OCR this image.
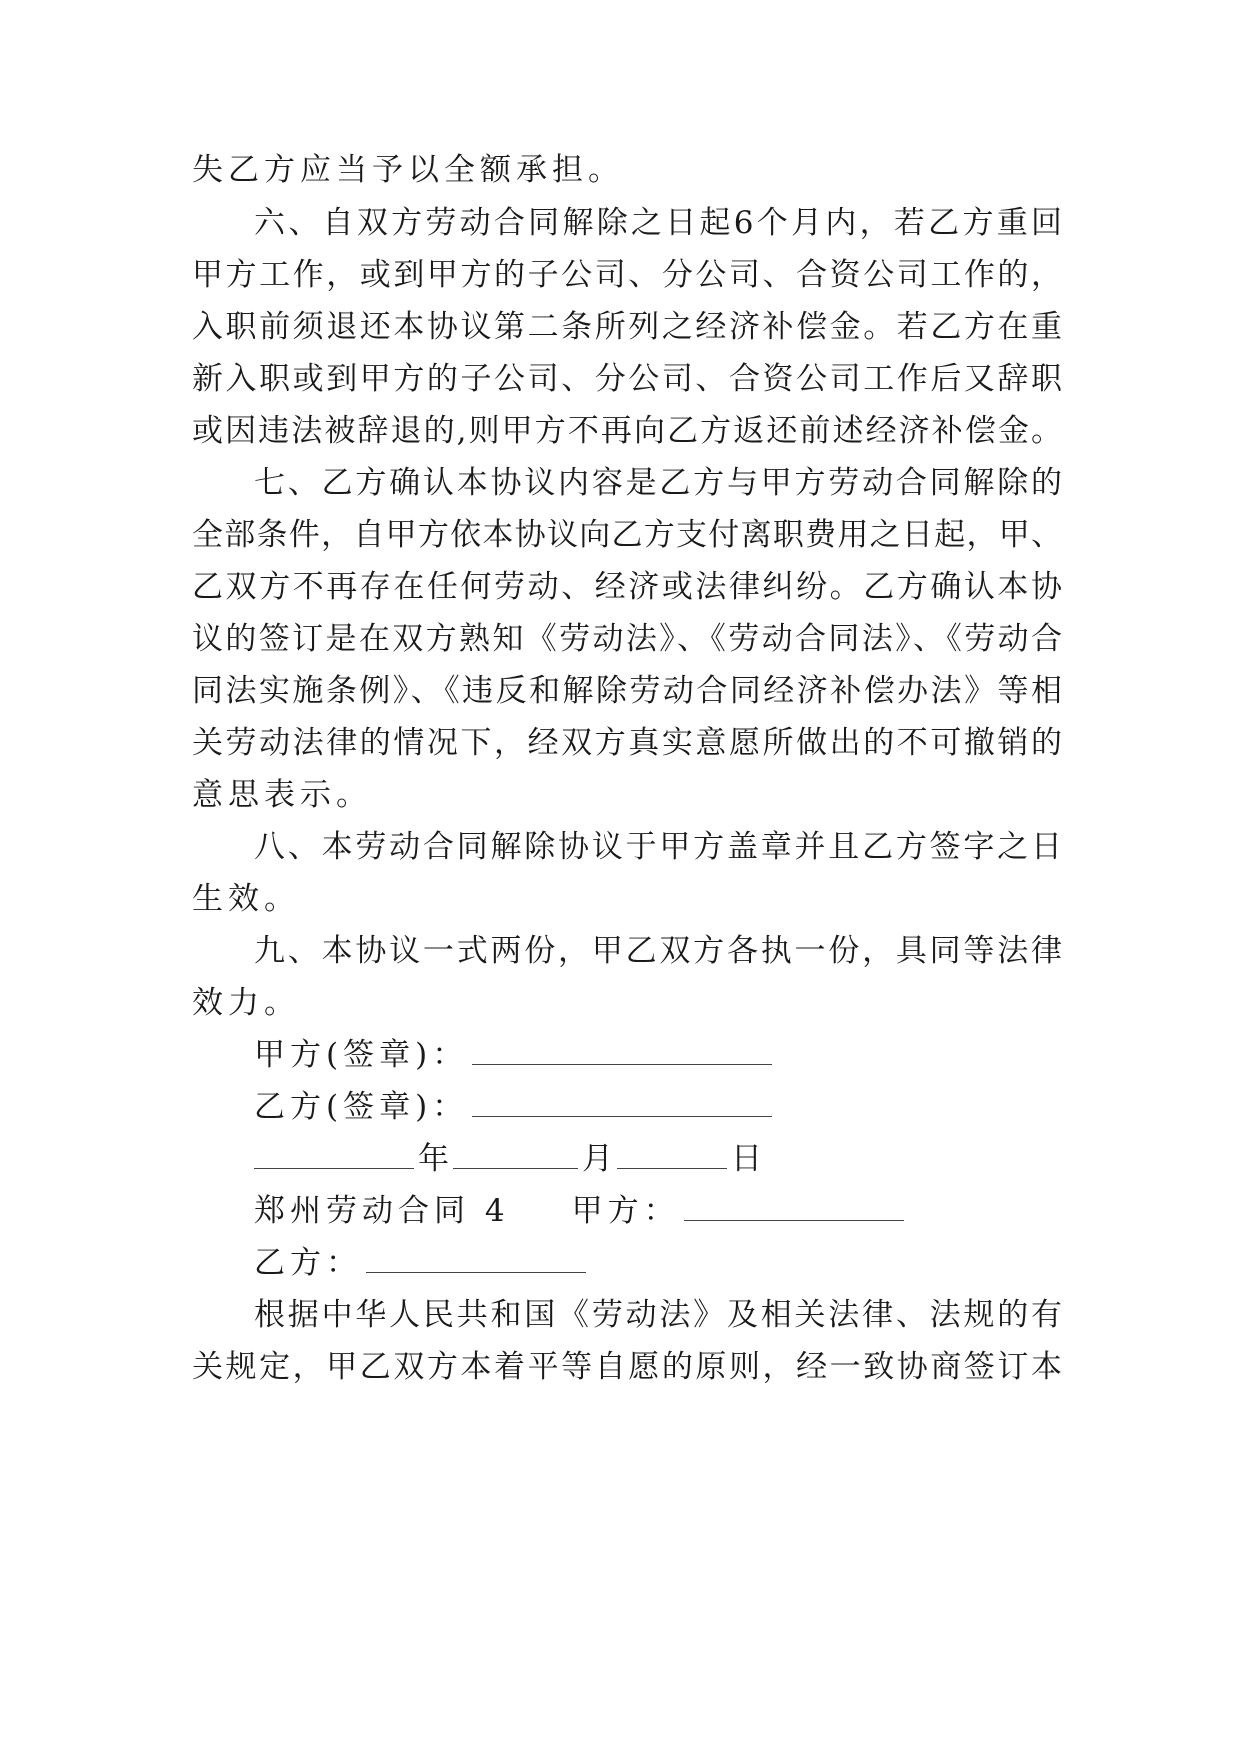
失乙方应当予以全额承担。
六、自双方劳动合同解除之日起6个月内，若乙方重回
甲方工作，或到甲方的子公司、分公司、合资公司工作的，
入职前须退还本协议第二条所列之经济补偿金。若乙方在重
新入职或到甲方的子公司、分公司、合资公司工作后又辞职
或因违法被辞退的,则甲方不再向乙方返还前述经济补偿金。
七、乙方确认本协议内容是乙方与甲方劳动合同解除的
全部条件，自甲方依本协议向乙方支付离职费用之日起，甲、
乙双方不再存在任何劳动、经济或法律纠纷。乙方确认本协
议的签订是在双方熟知《劳动法》、《劳动合同法》、《劳动合
同法实施条例》、《违反和解除劳动合同经济补偿办法》等相
关劳动法律的情况下，经双方真实意愿所做出的不可撤销的
意思表示。
八、本劳动合同解除协议于甲方盖章并且乙方签字之日
生效。
九、本协议一式两份，甲乙双方各执一份，具同等法律
效力。
甲方(签章)：
乙方(签章)：
年	月	日
郑州劳动合同 4 甲方：
乙方：
根据中华人民共和国《劳动法》及相关法律、法规的有
关规定，甲乙双方本着平等自愿的原则，经一致协商签订本
